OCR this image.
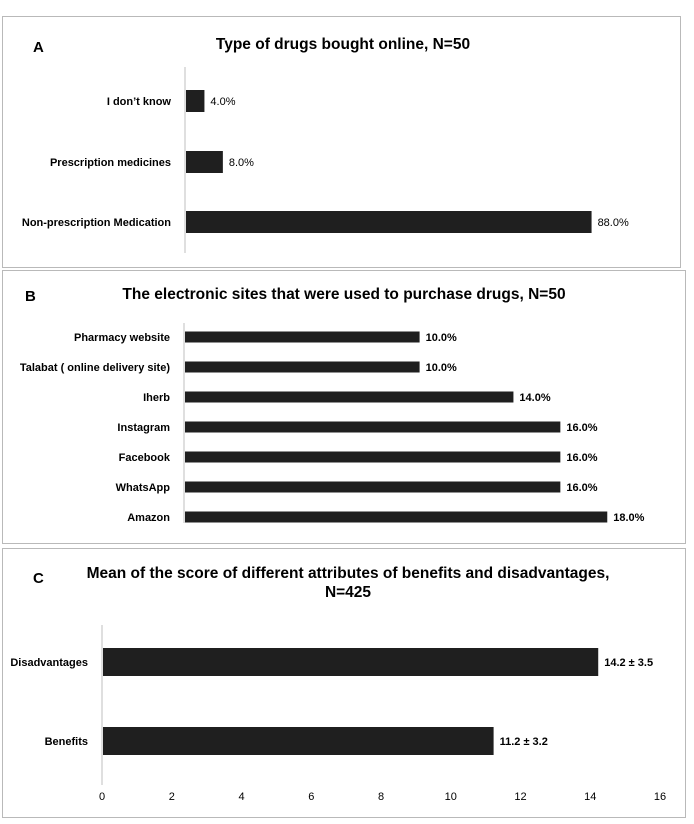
A	Type of drugs bought online, N=50
I don’t know	4.0%
Prescription medicines	8.0%
Non-prescription Medication	88.0%
B	The electronic sites that were used to purchase drugs, N=50
Pharmacy website	10.0%
Talabat ( online delivery site)	10.0%
Iherb	14.0%
Instagram	16.0%
Facebook	16.0%
WhatsApp	16.0%
Amazon	18.0%
C	Mean of the score of different attributes of benefits and disadvantages,
N=425
Disadvantages	14.2 ± 3.5
Benefits	11.2 ± 3.2
0	2	4	6	8	10	12	14	16
